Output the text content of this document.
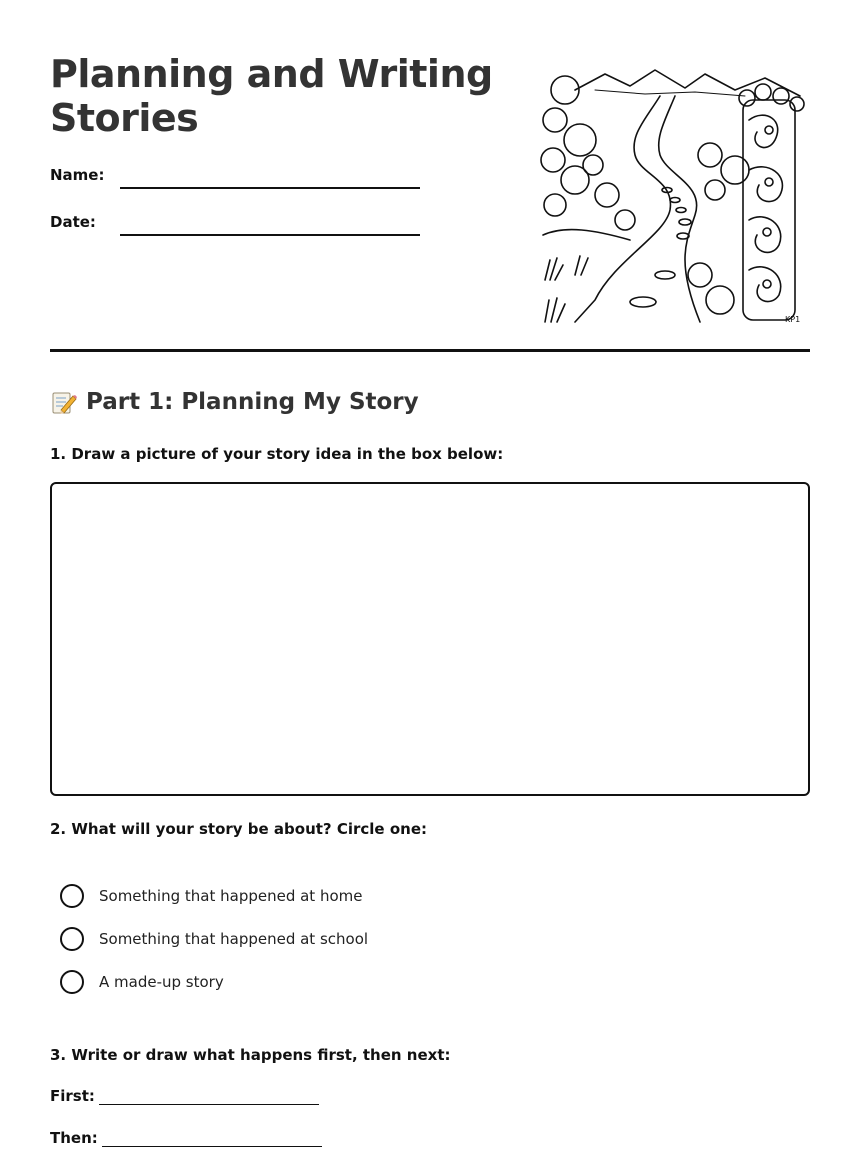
Planning and Writing Stories
Name:
Date:
KP1
Part 1: Planning My Story
1. Draw a picture of your story idea in the box below:
2. What will your story be about? Circle one:
Something that happened at home
Something that happened at school
A made-up story
3. Write or draw what happens first, then next:
First:
Then:
